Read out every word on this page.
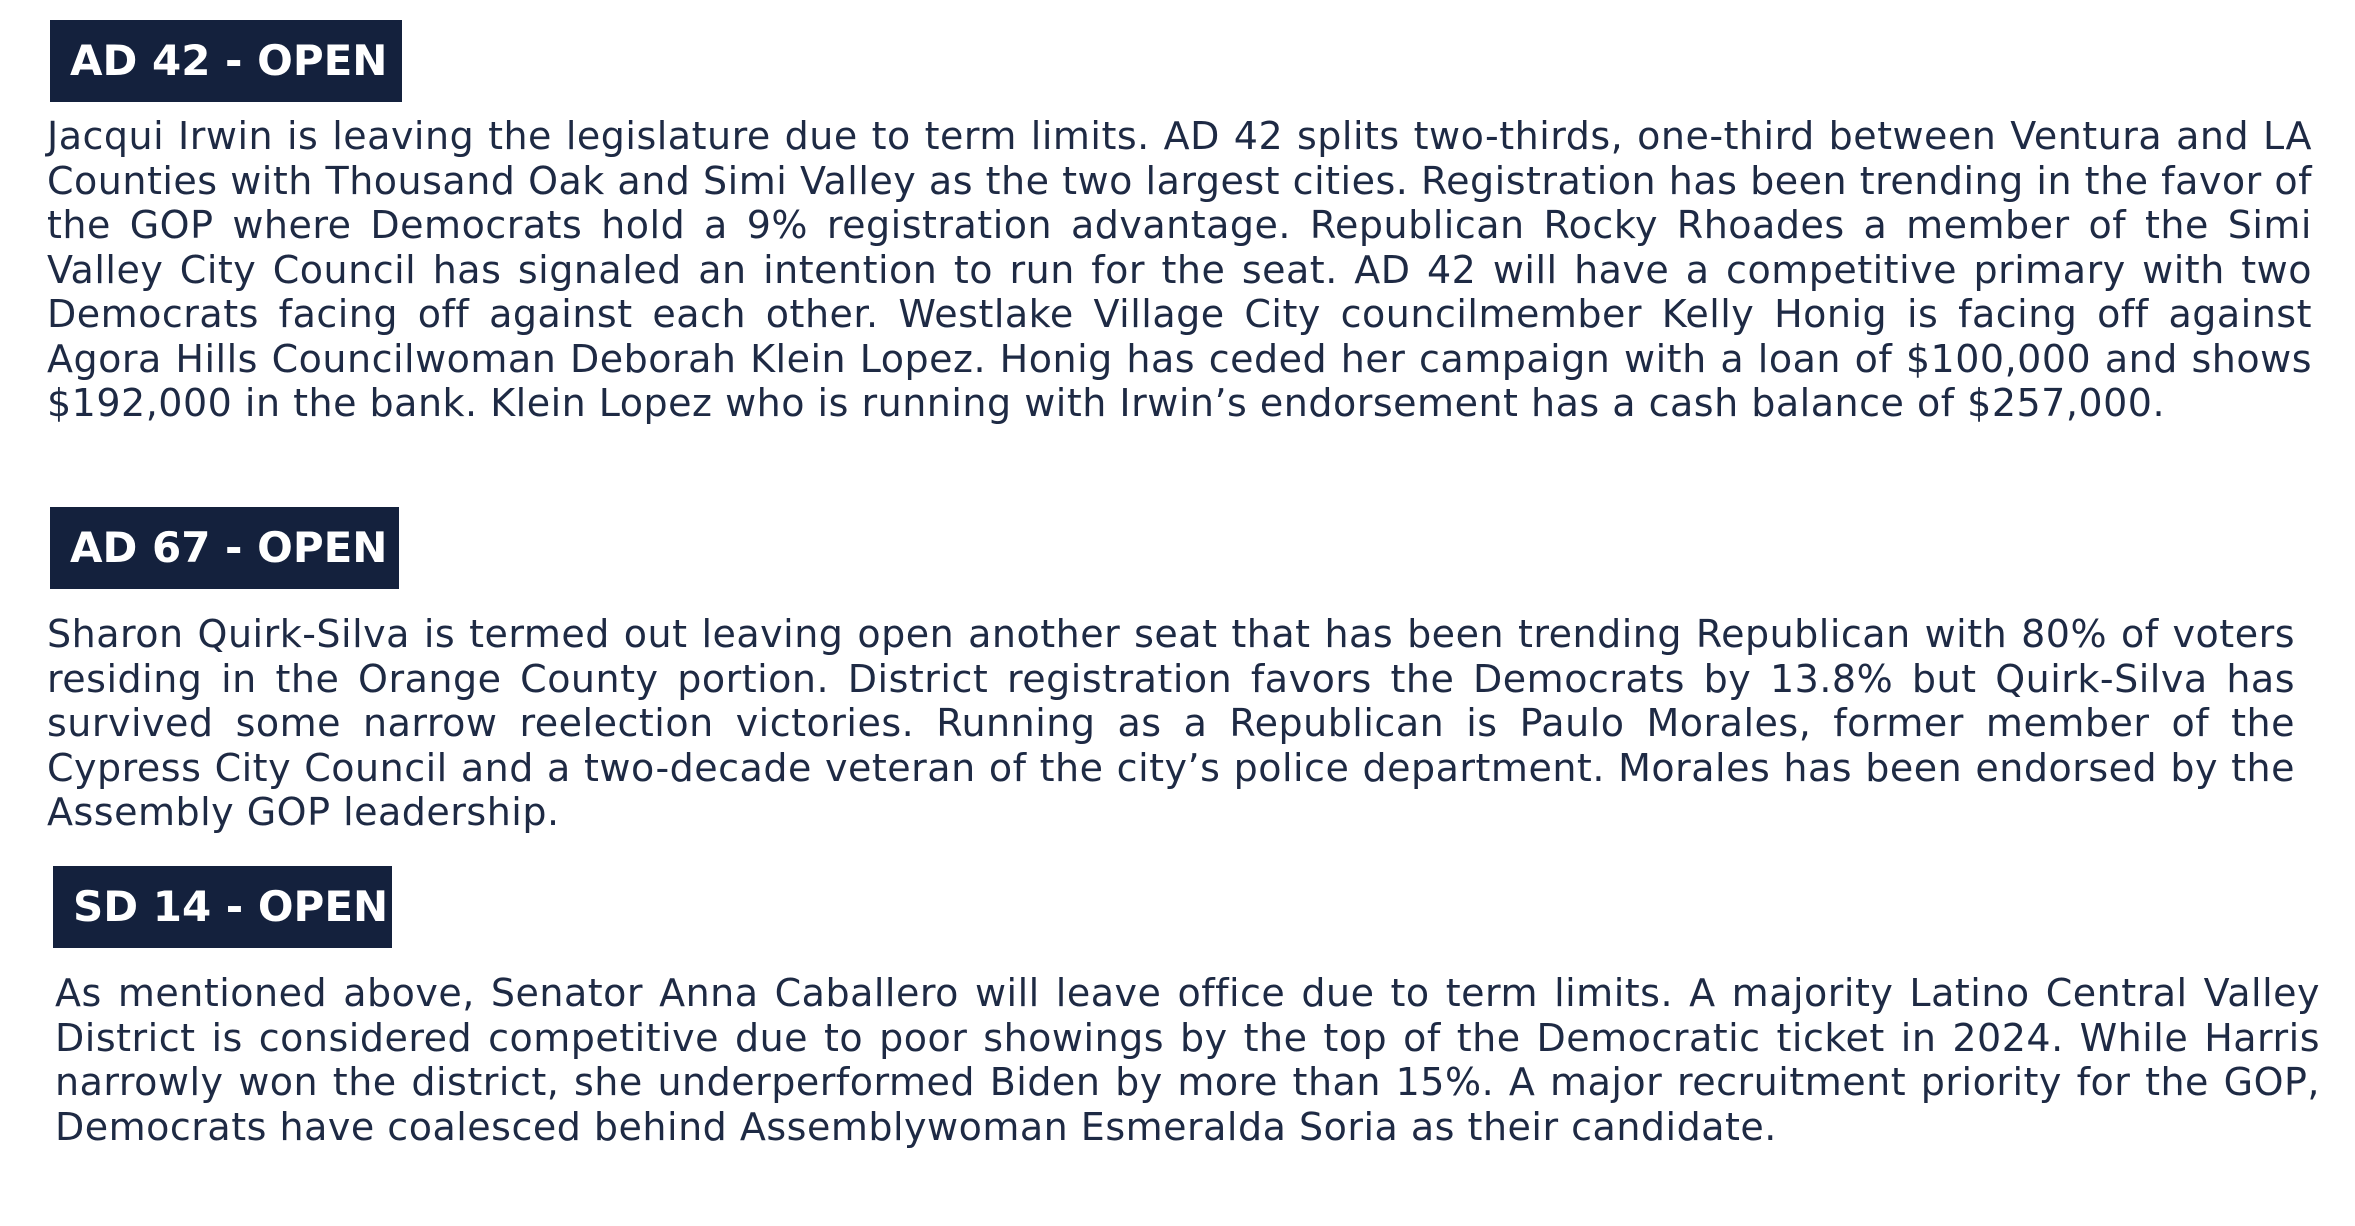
AD 42 - OPEN

Jacqui Irwin is leaving the legislature due to term limits. AD 42 splits two-thirds, one-third between Ventura and LA Counties with Thousand Oak and Simi Valley as the two largest cities. Registration has been trending in the favor of the GOP where Democrats hold a 9% registration advantage. Republican Rocky Rhoades a member of the Simi Valley City Council has signaled an intention to run for the seat. AD 42 will have a competitive primary with two Democrats facing off against each other. Westlake Village City councilmember Kelly Honig is facing off against Agora Hills Councilwoman Deborah Klein Lopez. Honig has ceded her campaign with a loan of $100,000 and shows $192,000 in the bank. Klein Lopez who is running with Irwin’s endorsement has a cash balance of $257,000.

AD 67 - OPEN

Sharon Quirk-Silva is termed out leaving open another seat that has been trending Republican with 80% of voters residing in the Orange County portion. District registration favors the Democrats by 13.8% but Quirk-Silva has survived some narrow reelection victories. Running as a Republican is Paulo Morales, former member of the Cypress City Council and a two-decade veteran of the city’s police department. Morales has been endorsed by the Assembly GOP leadership.

SD 14 - OPEN

As mentioned above, Senator Anna Caballero will leave office due to term limits. A majority Latino Central Valley District is considered competitive due to poor showings by the top of the Democratic ticket in 2024. While Harris narrowly won the district, she underperformed Biden by more than 15%. A major recruitment priority for the GOP, Democrats have coalesced behind Assemblywoman Esmeralda Soria as their candidate.
